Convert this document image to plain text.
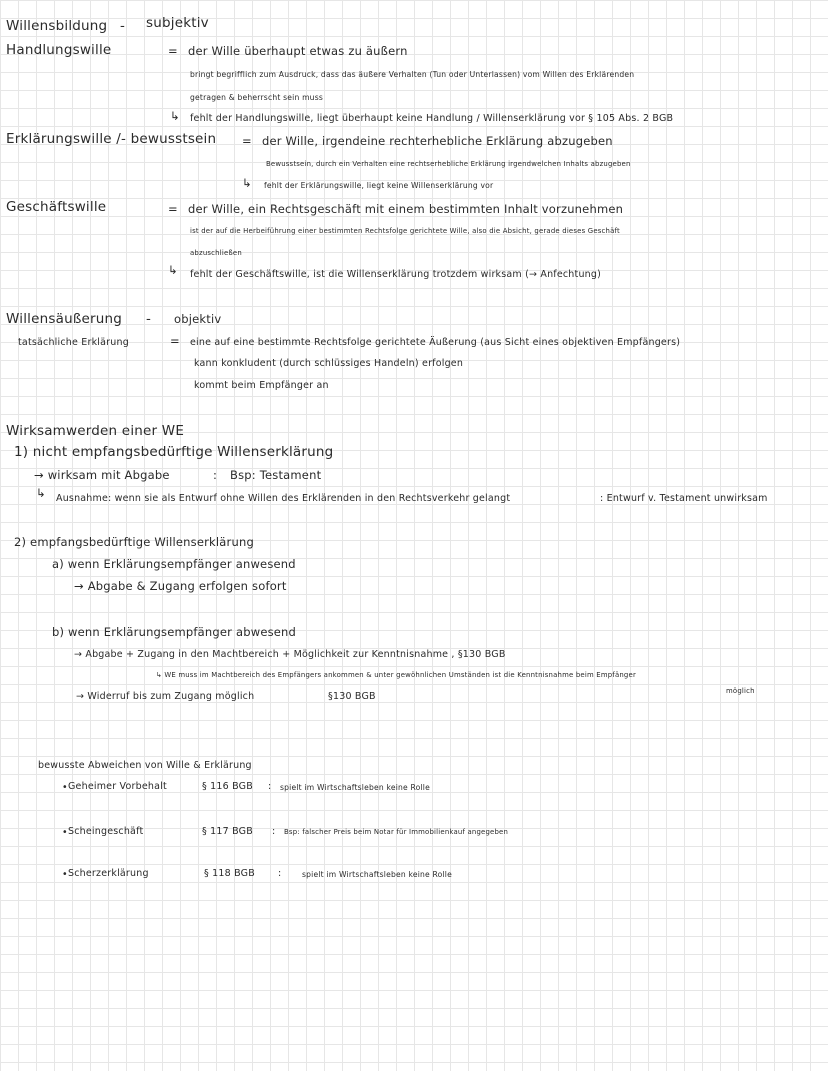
Willensbildung - subjektiv
Handlungswille	= der Wille überhaupt etwas zu äußern
bringt begrifflich zum Ausdruck, dass das äußere Verhalten (Tun oder Unterlassen) vom Willen des Erklärenden
getragen & beherrscht sein muss
↳ fehlt der Handlungswille, liegt überhaupt keine Handlung / Willenserklärung vor § 105 Abs. 2 BGB
Erklärungswille /- bewusstsein = der Wille, irgendeine rechterhebliche Erklärung abzugeben
Bewusstsein, durch ein Verhalten eine rechtserhebliche Erklärung irgendwelchen Inhalts abzugeben
↳ fehlt der Erklärungswille, liegt keine Willenserklärung vor
Geschäftswille	= der Wille, ein Rechtsgeschäft mit einem bestimmten Inhalt vorzunehmen
ist der auf die Herbeiführung einer bestimmten Rechtsfolge gerichtete Wille, also die Absicht, gerade dieses Geschäft
abzuschließen
↳ fehlt der Geschäftswille, ist die Willenserklärung trotzdem wirksam (→ Anfechtung)
Willensäußerung - objektiv
tatsächliche Erklärung	= eine auf eine bestimmte Rechtsfolge gerichtete Äußerung (aus Sicht eines objektiven Empfängers)
kann konkludent (durch schlüssiges Handeln) erfolgen
kommt beim Empfänger an
Wirksamwerden einer WE
1) nicht empfangsbedürftige Willenserklärung
→ wirksam mit Abgabe	: Bsp: Testament
↳ Ausnahme: wenn sie als Entwurf ohne Willen des Erklärenden in den Rechtsverkehr gelangt	: Entwurf v. Testament unwirksam
2) empfangsbedürftige Willenserklärung
a) wenn Erklärungsempfänger anwesend
→ Abgabe & Zugang erfolgen sofort
b) wenn Erklärungsempfänger abwesend
→ Abgabe + Zugang in den Machtbereich + Möglichkeit zur Kenntnisnahme , §130 BGB
↳ WE muss im Machtbereich des Empfängers ankommen & unter gewöhnlichen Umständen ist die Kenntnisnahme beim Empfänger
möglich
→ Widerruf bis zum Zugang möglich	§130 BGB
bewusste Abweichen von Wille & Erklärung
• Geheimer Vorbehalt	§ 116 BGB : spielt im Wirtschaftsleben keine Rolle
• Scheingeschäft	§ 117 BGB : Bsp: falscher Preis beim Notar für Immobilienkauf angegeben
• Scherzerklärung	§ 118 BGB :	spielt im Wirtschaftsleben keine Rolle
